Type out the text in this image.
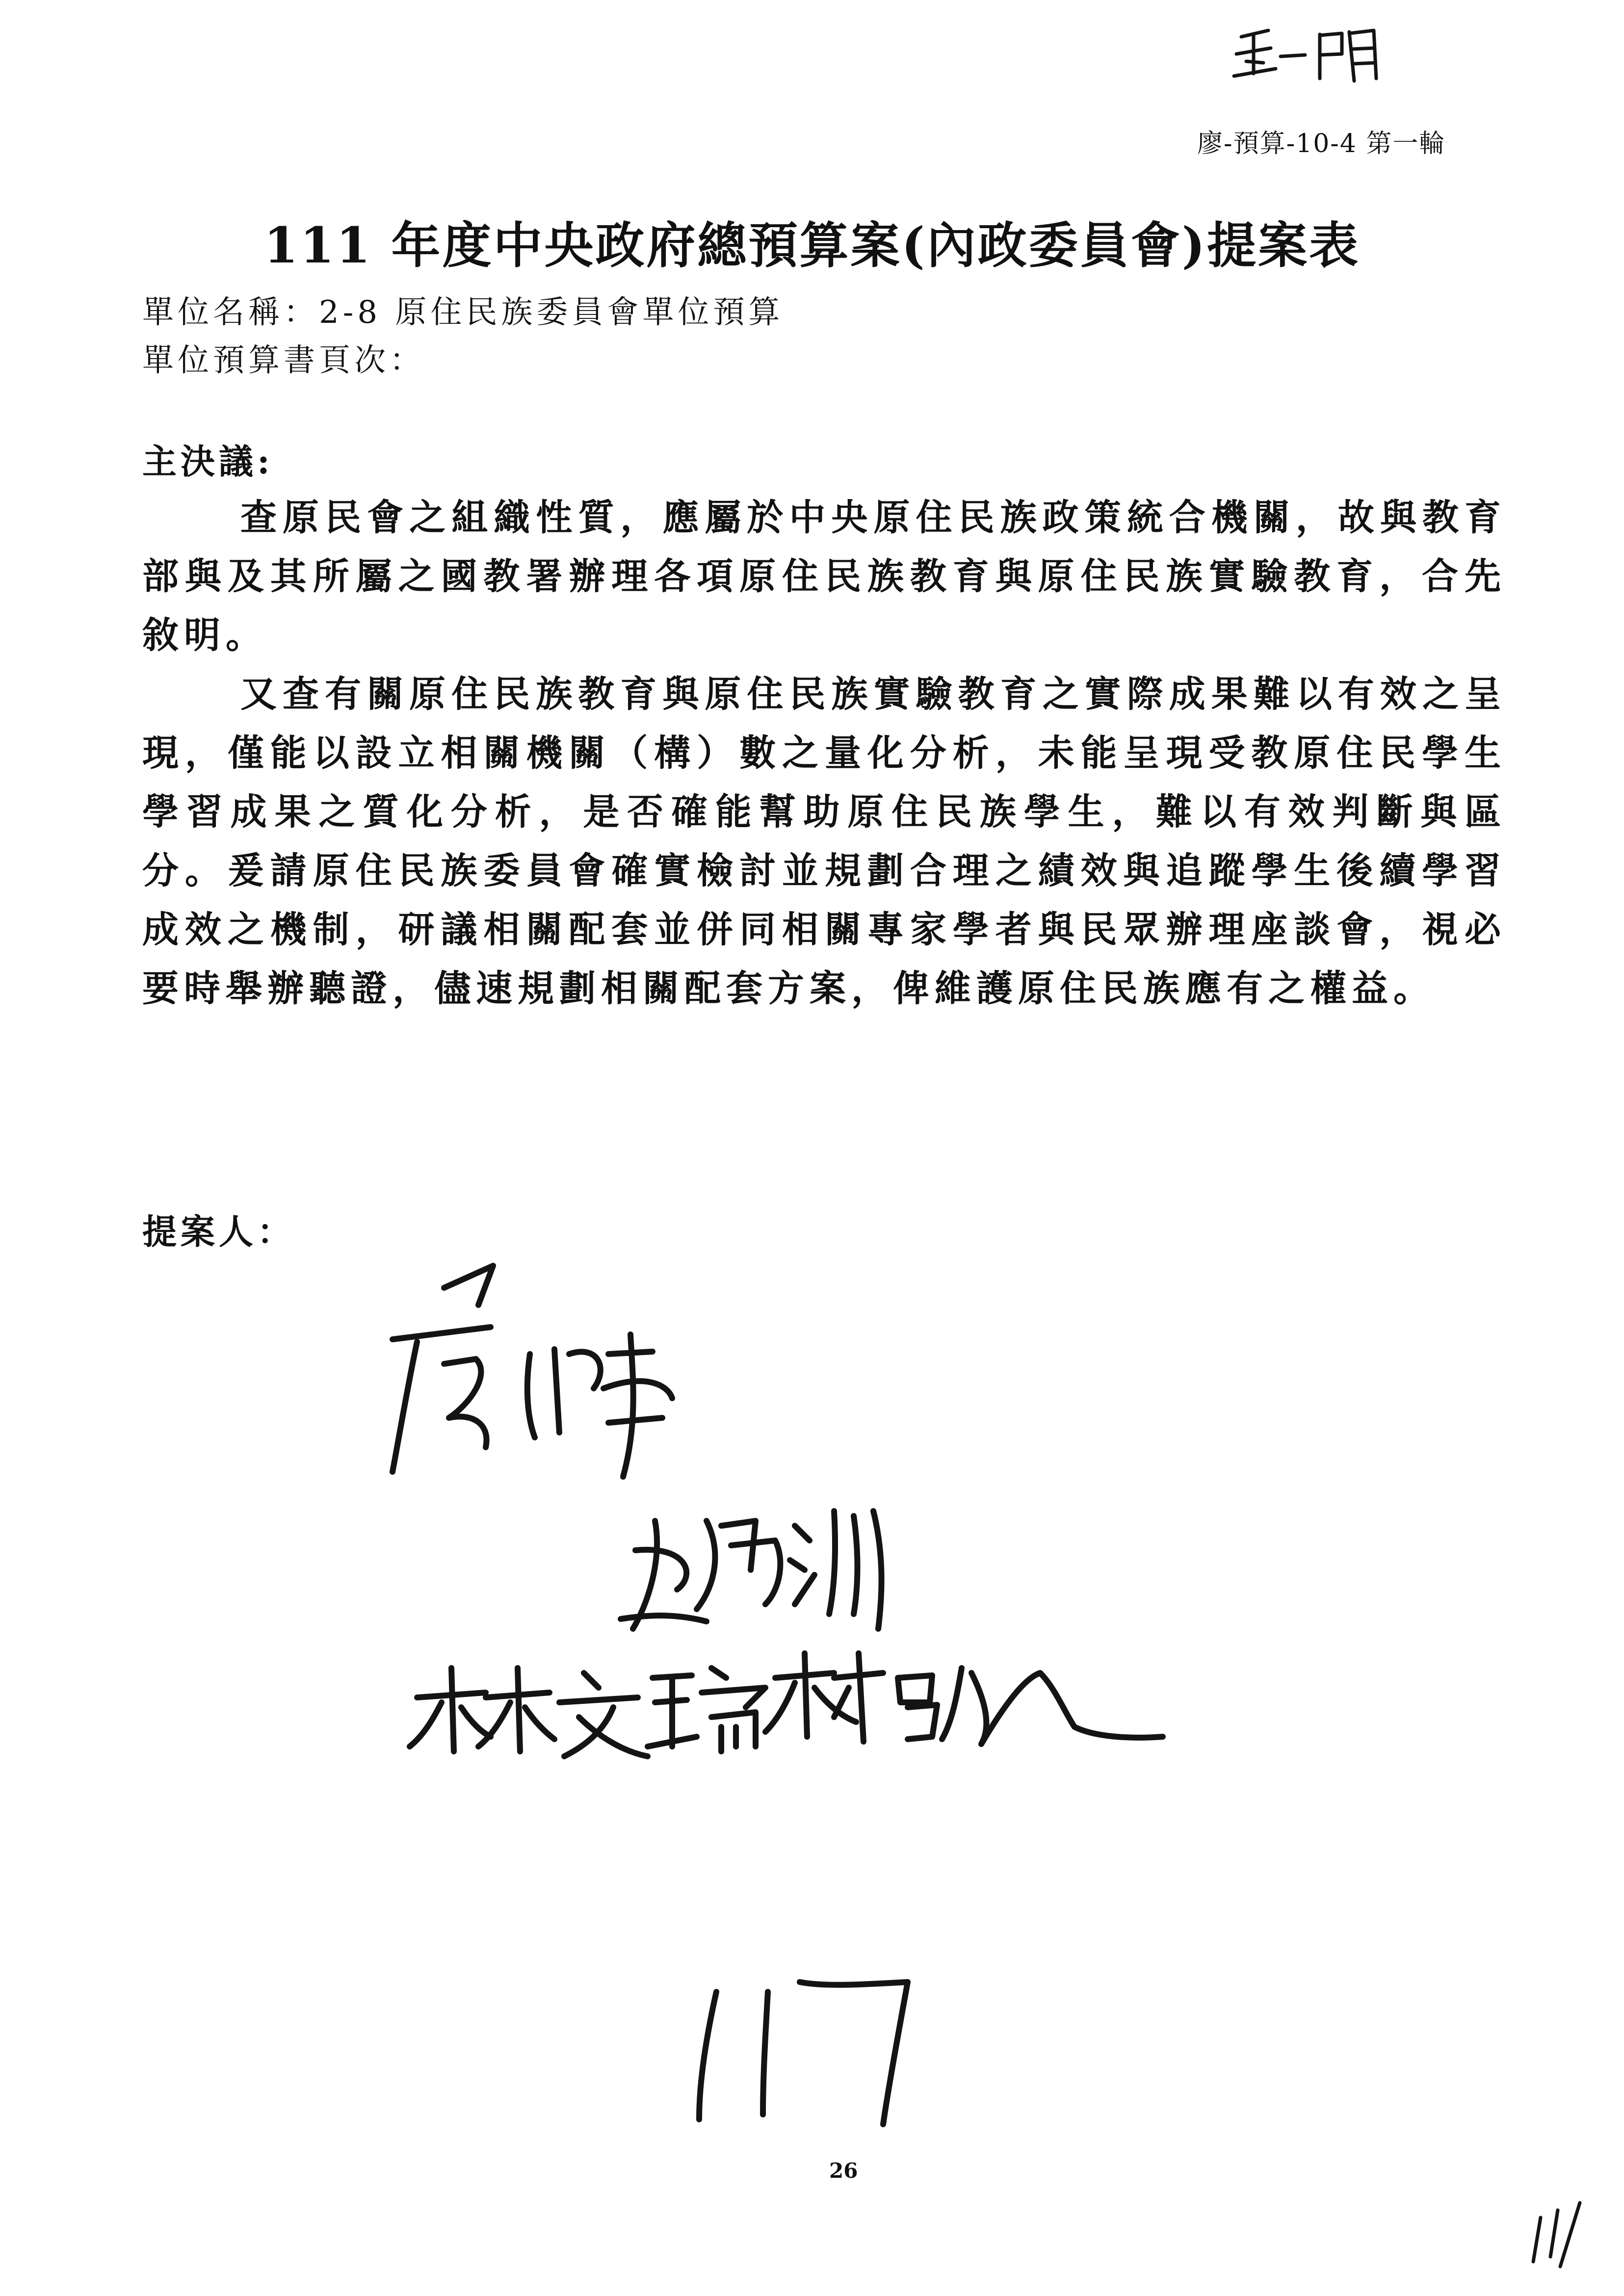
廖-預算-10-4 第一輪
111 年度中央政府總預算案(內政委員會)提案表
單位名稱：2-8 原住民族委員會單位預算
單位預算書頁次：
主決議:
查原民會之組織性質，應屬於中央原住民族政策統合機關，故與教育部與及其所屬之國教署辦理各項原住民族教育與原住民族實驗教育，合先敘明。
又查有關原住民族教育與原住民族實驗教育之實際成果難以有效之呈現，僅能以設立相關機關（構）數之量化分析，未能呈現受教原住民學生學習成果之質化分析，是否確能幫助原住民族學生，難以有效判斷與區分。爰請原住民族委員會確實檢討並規劃合理之績效與追蹤學生後續學習成效之機制，研議相關配套並併同相關專家學者與民眾辦理座談會，視必要時舉辦聽證，儘速規劃相關配套方案，俾維護原住民族應有之權益。
提案人：
26
